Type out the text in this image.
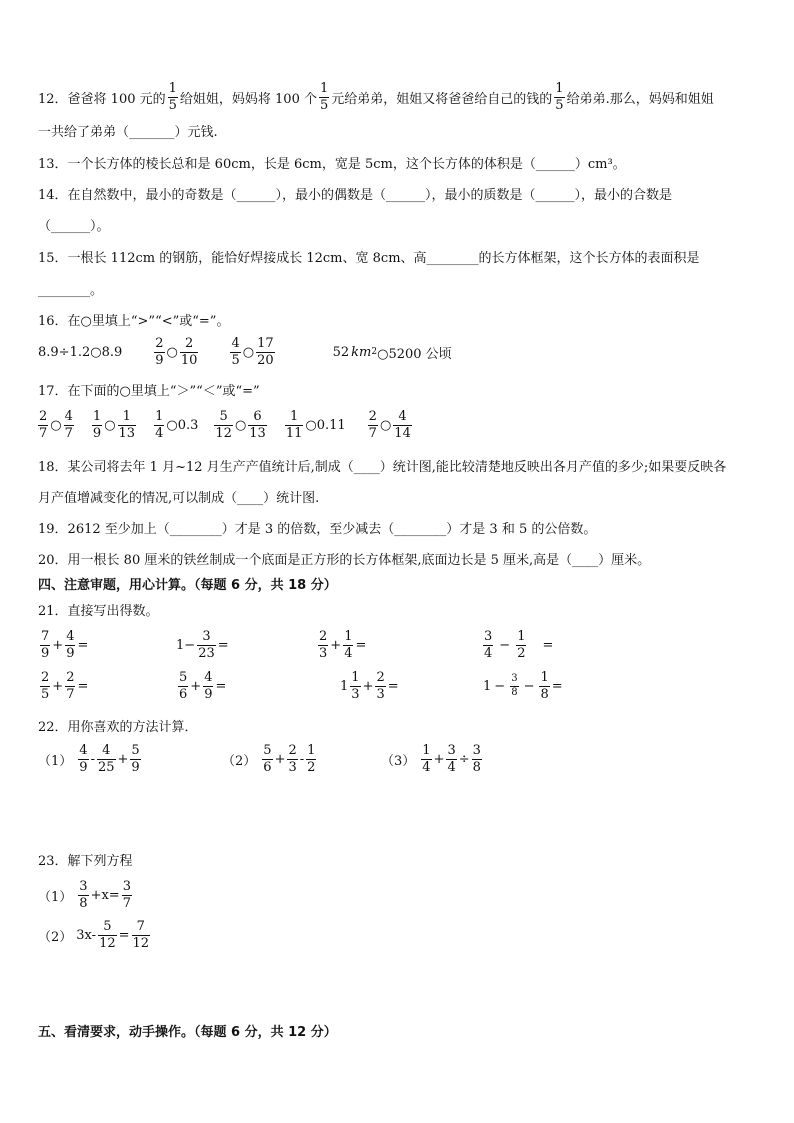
12．爸爸将 100 元的 $\frac{1}{5}$ 给姐姐，妈妈将 100 个 $\frac{1}{5}$ 元给弟弟，姐姐又将爸爸给自己的钱的 $\frac{1}{5}$ 给弟弟.那么，妈妈和姐姐
一共给了弟弟（_______）元钱.
13．一个长方体的棱长总和是 60cm，长是 6cm，宽是 5cm，这个长方体的体积是（______）cm³。
14．在自然数中，最小的奇数是（______），最小的偶数是（______），最小的质数是（______），最小的合数是
（______）。
15．一根长 112cm 的钢筋，能恰好焊接成长 12cm、宽 8cm、高________的长方体框架，这个长方体的表面积是
________。
16．在○里填上“>”“<”或“=”。
8.9÷1.2○8.9 $\frac{2}{9}$ ○ $\frac{2}{10} \frac{4}{5}$ ○ $\frac{17}{20}$	52 km 2 ○5200 公顷
17．在下面的○里填上“＞”“＜”或“=”
$\frac{2}{7}$ ○ $\frac{4}{7} \frac{1}{9}$ ○ $\frac{1}{13} \frac{1}{4}$ ○0.3 $\frac{5}{12}$ ○ $\frac{6}{13} \frac{1}{11}$ ○0.11 $\frac{2}{7}$ ○ $\frac{4}{14}$
18．某公司将去年 1 月~12 月生产产值统计后,制成（____）统计图,能比较清楚地反映出各月产值的多少;如果要反映各
月产值增减变化的情况,可以制成（____）统计图.
19．2612 至少加上（________）才是 3 的倍数，至少减去（________）才是 3 和 5 的公倍数。
20．用一根长 80 厘米的铁丝制成一个底面是正方形的长方体框架,底面边长是 5 厘米,高是（____）厘米。
四、注意审题，用心计算。（每题 6 分，共 18 分）
21．直接写出得数。
$\frac{7}{9} + \frac{4}{9}$ =	$1 - \frac{3}{23}$ =	$\frac{2}{3} + \frac{1}{4}$ =	$\frac{3}{4} - \frac{1}{2}$ =
$\frac{2}{5} + \frac{2}{7}$ =	$\frac{5}{6} + \frac{4}{9}$ =	$1 \frac{1}{3} + \frac{2}{3}$ =	$1 - \frac{3}{8} - \frac{1}{8}$ =
22．用你喜欢的方法计算．
$(1) \frac{4}{9} - \frac{4}{25} + \frac{5}{9}$	$(2) \frac{5}{6} + \frac{2}{3} - \frac{1}{2}$	$(3) \frac{1}{4} + \frac{3}{4} \div \frac{3}{8}$
23．解下列方程
$(1) \frac{3}{8} +x= \frac{3}{7}$
（2） $3x- \frac{5}{12} = \frac{7}{12}$
五、看清要求，动手操作。（每题 6 分，共 12 分）
